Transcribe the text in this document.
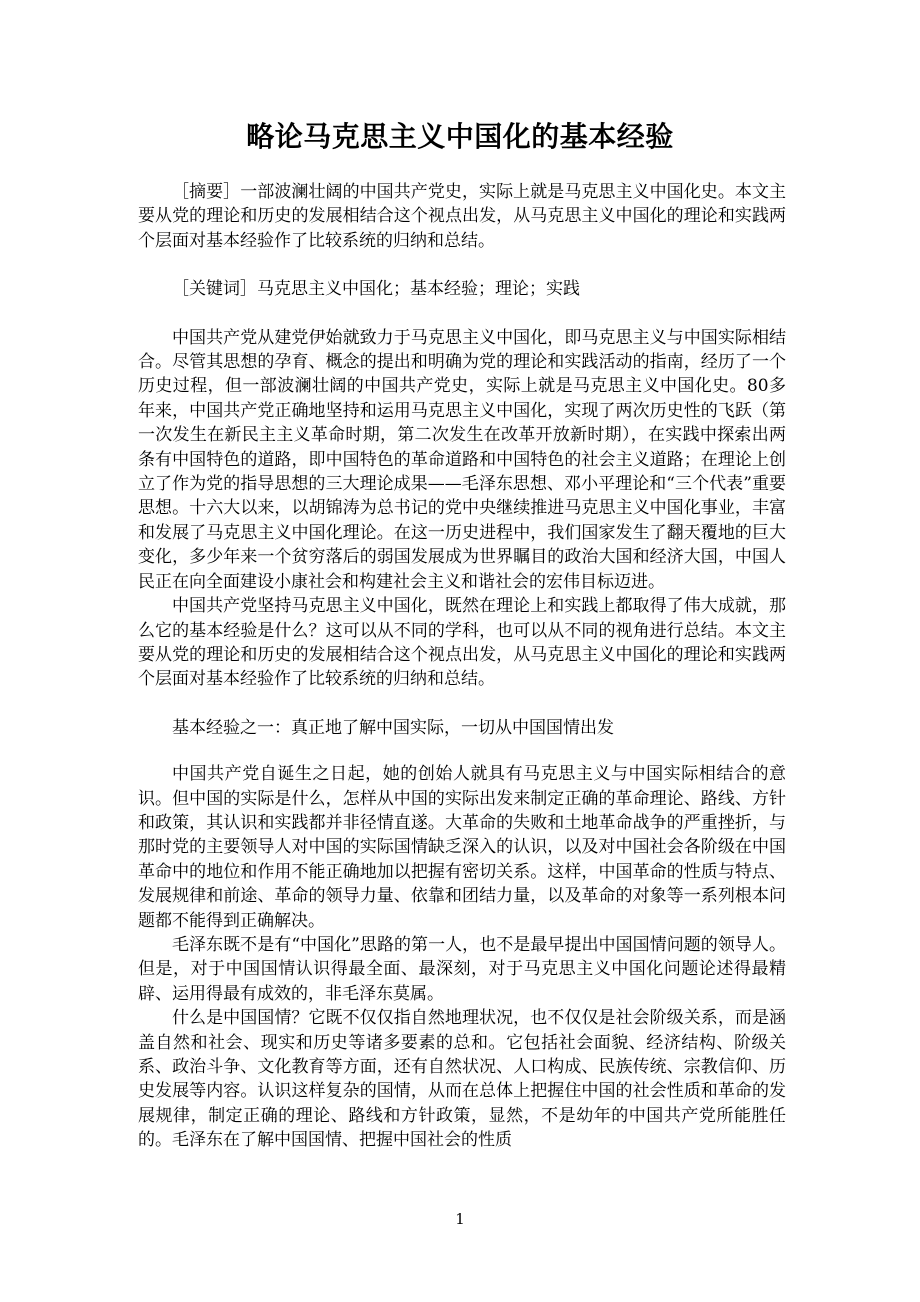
略论马克思主义中国化的基本经验

［摘要］一部波澜壮阔的中国共产党史，实际上就是马克思主义中国化史。本文主要从党的理论和历史的发展相结合这个视点出发，从马克思主义中国化的理论和实践两个层面对基本经验作了比较系统的归纳和总结。

［关键词］马克思主义中国化；基本经验；理论；实践

中国共产党从建党伊始就致力于马克思主义中国化，即马克思主义与中国实际相结合。尽管其思想的孕育、概念的提出和明确为党的理论和实践活动的指南，经历了一个历史过程，但一部波澜壮阔的中国共产党史，实际上就是马克思主义中国化史。80多年来，中国共产党正确地坚持和运用马克思主义中国化，实现了两次历史性的飞跃（第一次发生在新民主主义革命时期，第二次发生在改革开放新时期），在实践中探索出两条有中国特色的道路，即中国特色的革命道路和中国特色的社会主义道路；在理论上创立了作为党的指导思想的三大理论成果——毛泽东思想、邓小平理论和“三个代表”重要思想。十六大以来，以胡锦涛为总书记的党中央继续推进马克思主义中国化事业，丰富和发展了马克思主义中国化理论。在这一历史进程中，我们国家发生了翻天覆地的巨大变化，多少年来一个贫穷落后的弱国发展成为世界瞩目的政治大国和经济大国，中国人民正在向全面建设小康社会和构建社会主义和谐社会的宏伟目标迈进。

中国共产党坚持马克思主义中国化，既然在理论上和实践上都取得了伟大成就，那么它的基本经验是什么？这可以从不同的学科，也可以从不同的视角进行总结。本文主要从党的理论和历史的发展相结合这个视点出发，从马克思主义中国化的理论和实践两个层面对基本经验作了比较系统的归纳和总结。

基本经验之一：真正地了解中国实际，一切从中国国情出发

中国共产党自诞生之日起，她的创始人就具有马克思主义与中国实际相结合的意识。但中国的实际是什么，怎样从中国的实际出发来制定正确的革命理论、路线、方针和政策，其认识和实践都并非径情直遂。大革命的失败和土地革命战争的严重挫折，与那时党的主要领导人对中国的实际国情缺乏深入的认识，以及对中国社会各阶级在中国革命中的地位和作用不能正确地加以把握有密切关系。这样，中国革命的性质与特点、发展规律和前途、革命的领导力量、依靠和团结力量，以及革命的对象等一系列根本问题都不能得到正确解决。

毛泽东既不是有“中国化”思路的第一人，也不是最早提出中国国情问题的领导人。但是，对于中国国情认识得最全面、最深刻，对于马克思主义中国化问题论述得最精辟、运用得最有成效的，非毛泽东莫属。

什么是中国国情？它既不仅仅指自然地理状况，也不仅仅是社会阶级关系，而是涵盖自然和社会、现实和历史等诸多要素的总和。它包括社会面貌、经济结构、阶级关系、政治斗争、文化教育等方面，还有自然状况、人口构成、民族传统、宗教信仰、历史发展等内容。认识这样复杂的国情，从而在总体上把握住中国的社会性质和革命的发展规律，制定正确的理论、路线和方针政策，显然，不是幼年的中国共产党所能胜任的。毛泽东在了解中国国情、把握中国社会的性质

1
